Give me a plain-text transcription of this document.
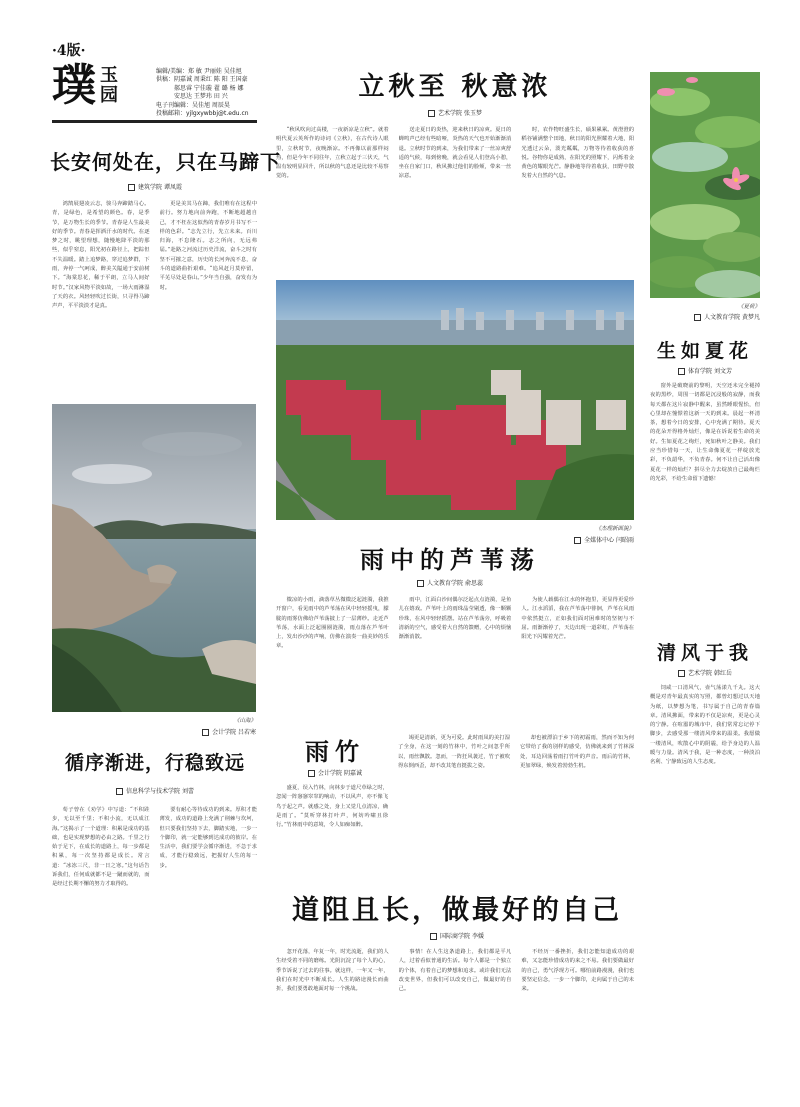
·4版·
璞 玉园
编辑/美编：郑 敏 尹丽娃 吴佳旭
供稿：阴嘉诚 周秉红 陈 阳 王国豪
　　　郝思睿 宁佳璇 翟 璐 杨 娜
　　　安思达 王梦玮 田 兴
电子刊编辑：吴佳旭 周辰昊
投稿邮箱：yjlgxywbbj@t.edu.cn
长安何处在，只在马蹄下
建筑学院 谭凤霞

鸿鹄展翅凌云志，骏马奔蹄踏马心。青，是绿色，是希望的颜色。春，是季节，是万物生长的季节。青春是人生最美好的季节。青春是挥洒汗水的时代。在逐梦之时，眺望理想，随慢地降平淡的那些，似乎窒息，阳光初在路径上，把踪但不失温暖。踏上追梦路，穿过追梦群，下雨，奔停一气呵成，醉美关隘通于安前树下。“海棠思花，稀于平朗，立马人间好时节。”汉家风物平淡如故，一场大雨淋湿了天的衣。风轻轻吹过长街，只寻得马蹄声声，平平淡淡才是真。

更是美其马在蹄，我们唯有在这程中前行。努力地向前奔跑，不断地超越自己，才不枉在这似热的青春岁月书写不一样的色彩。“志先立行，先立未来。百川归海，不怠隆石。志之所向，无远弗届。”赴路之河流过历史洋流，奋斗之时有坚不可摧之意，历史的长河奔流不息，奋斗的道路曲折艰难。“追风赶月莫停留，平芜尽处是春山。”少年当自强，奋发有为时。

《山海》
会计学院 吕若寒
循序渐进，行稳致远
信息科学与技术学院 刘蕾

荀子曾在《劝学》中写道：“不积跬步，无以至千里；不积小流，无以成江海。”这揭示了一个道理：积累是成功的基础，也是实现梦想的必由之路。千里之行始于足下，在成长的道路上，每一步都是积累，每一次坚持都是成长。常言道：“冰冻三尺，非一日之寒。”这句话告诉我们，任何成就都不是一蹴而就的，而是经过长期不懈的努力才取得的。

要有耐心等待成功的到来。厚积才能薄发，成功的道路上充满了荆棘与坎坷，但只要我们坚持下去，脚踏实地，一步一个脚印，就一定能够到达成功的彼岸。在生活中，我们要学会循序渐进，不急于求成，才能行稳致远，把握好人生的每一步。

立秋至 秋意浓
艺术学院 张玉梦

“秋风吹向过高楼，一夜新凉是立秋”。就着明代夏云英所作的诗词《立秋》，在古代诗人眼里，立秋时节，夜晚渐凉。不再像以前那样闷热，但是今年不同往年，立秋立起于三伏天，气温有较明显回升，所以秋的气息还是比较不易察觉的。

送走夏日的炎热，迎来秋日的凉爽。夏日的蝉鸣声已经有些暗哑，炎热的天气也开始渐渐消退。立秋时节的到来，为我们带来了一丝凉爽舒适的气候，每到傍晚，就会看见人们登高小憩，坐在自家门口，秋风拂过他们的脸颊，带来一丝凉意。

时，农作物旺盛生长，硕果累累。黄澄澄的稻谷铺满整个田地，秋日的阳光照耀着大地，阳光透过云朵，泼光粼粼，万物等待着收获的喜悦。谷物你是成熟，在阳光的照耀下，闪烁着金黄色的耀眼光芒。静静地等待着收获，田野中散发着大自然的气息。

《杰理新面貌》
全媒体中心 闫昭雨
雨中的芦苇荡
人文教育学院 俞思蕊

微凉的小雨，滴落草丛微微泛起涟漪，我推开窗户，看见雨中的芦苇荡在风中轻轻摇曳，朦胧的雨雾仿佛给芦苇荡披上了一层薄纱。走近芦苇荡，水面上泛起圈圈涟漪，雨点落在芦苇叶上，发出沙沙的声响，仿佛在演奏一曲美妙的乐章。

雨中，江面白沙间偶尔泛起点点涟漪，是鱼儿在嬉戏。芦苇叶上的雨珠晶莹剔透，像一颗颗珍珠，在风中轻轻摇摆。站在芦苇荡旁，呼吸着清新的空气，感受着大自然的馈赠，心中的烦恼渐渐消散。

为使人载偶在江水的怀抱里，更显得更爱珍人。江水滔滔，我在芦苇荡中徘徊，芦苇在风雨中依然挺立，正如我们面对困难时的坚韧与不屈。雨渐渐停了，天边出现一道彩虹，芦苇荡在阳光下闪耀着光芒。

雨竹
会计学院 阴嘉诚

盛夏，误入竹林，向林步于道尺草绿之时，忽闻一阵窸窸窣窣的响动，不以风声，亦不像飞鸟于起之声。就感之处，身上又觉几点清凉，确是雨了。“莫听穿林打叶声，何妨吟啸且徐行。”竹林雨中的意境，令人如痴如醉。

竭更是清新，更为可爱。此时雨凤的美打湿了全身，在这一刻的竹林中，竹叶之间忽乎所以，雨丝飘散。忽而，一阵狂风袭过，竹子被吹得东倒西歪，却不改其笔直挺拔之姿。

却也被漂泊于乡下的初霜雨，然而不知为何它带给了我的别样的感受，仿佛就来到了竹林深处，耳边回荡着雨打竹叶的声音。雨后的竹林，更加翠绿，焕发着勃勃生机。

道阻且长，做最好的自己
国际商学院 李媛

忽开花落，年复一年，时光流逝，我们的人生经受着不同的磨练。光阴沉淀了每个人的心，季节诉说了过去的往事。就这样，一年又一年，我们在时光中不断成长。人生的路途漫长而曲折，我们要勇敢地面对每一个挑战。

事情！在人生这条道路上，我们都是平凡人，过着看似普通的生活。每个人都是一个独立的个体，有着自己的梦想和追求。或许我们无法改变世界，但我们可以改变自己，做最好的自己。

不经历一番挫折，我们怎能知道成功的艰难，又怎能珍惜成功的来之不易。我们要做最好的自己，勇气浮现方可。哪怕前路漫漫，我们也要坚定信念，一步一个脚印，走向属于自己的未来。

《夏荷》
人文教育学院 黄梦凡
生如夏花
体育学院 刘文芳

窗外是破晓前的黎明，天空还未完全褪掉夜的黑纱，周围一切都是沉浸般的寂静，而我每天都在这片寂静中醒来，虽然睡眼惺忪，但心里却在憧憬着这新一天的到来。晨起一杯清茶，想着今日的安排，心中充满了期待。夏天的花朵开得格外灿烂，像是在诉说着生命的美好。生如夏花之绚烂，死如秋叶之静美。我们应当珍惜每一天，让生命像夏花一样绽放光彩，不负韶华，不负青春。何不让自己活出像夏花一样的灿烂？拼尽全力去绽放自己最绚烂的光彩，不给生命留下遗憾！

清风于我
艺术学院 韩红岳

饲咸一口清风气，壶气荡漾九千丸。这大概是对青年最真实的写照，都曾幻想过以天地为纸，以梦想为笔，书写属于自己的青春篇章。清风拂面，带来的不仅是凉爽，更是心灵的宁静。在喧嚣的城市中，我们常常忘记停下脚步，去感受那一缕清风带来的温柔。我愿做一缕清风，吹散心中的阴霾，给予身边的人温暖与力量。清风于我，是一种态度，一种淡泊名利、宁静致远的人生态度。
